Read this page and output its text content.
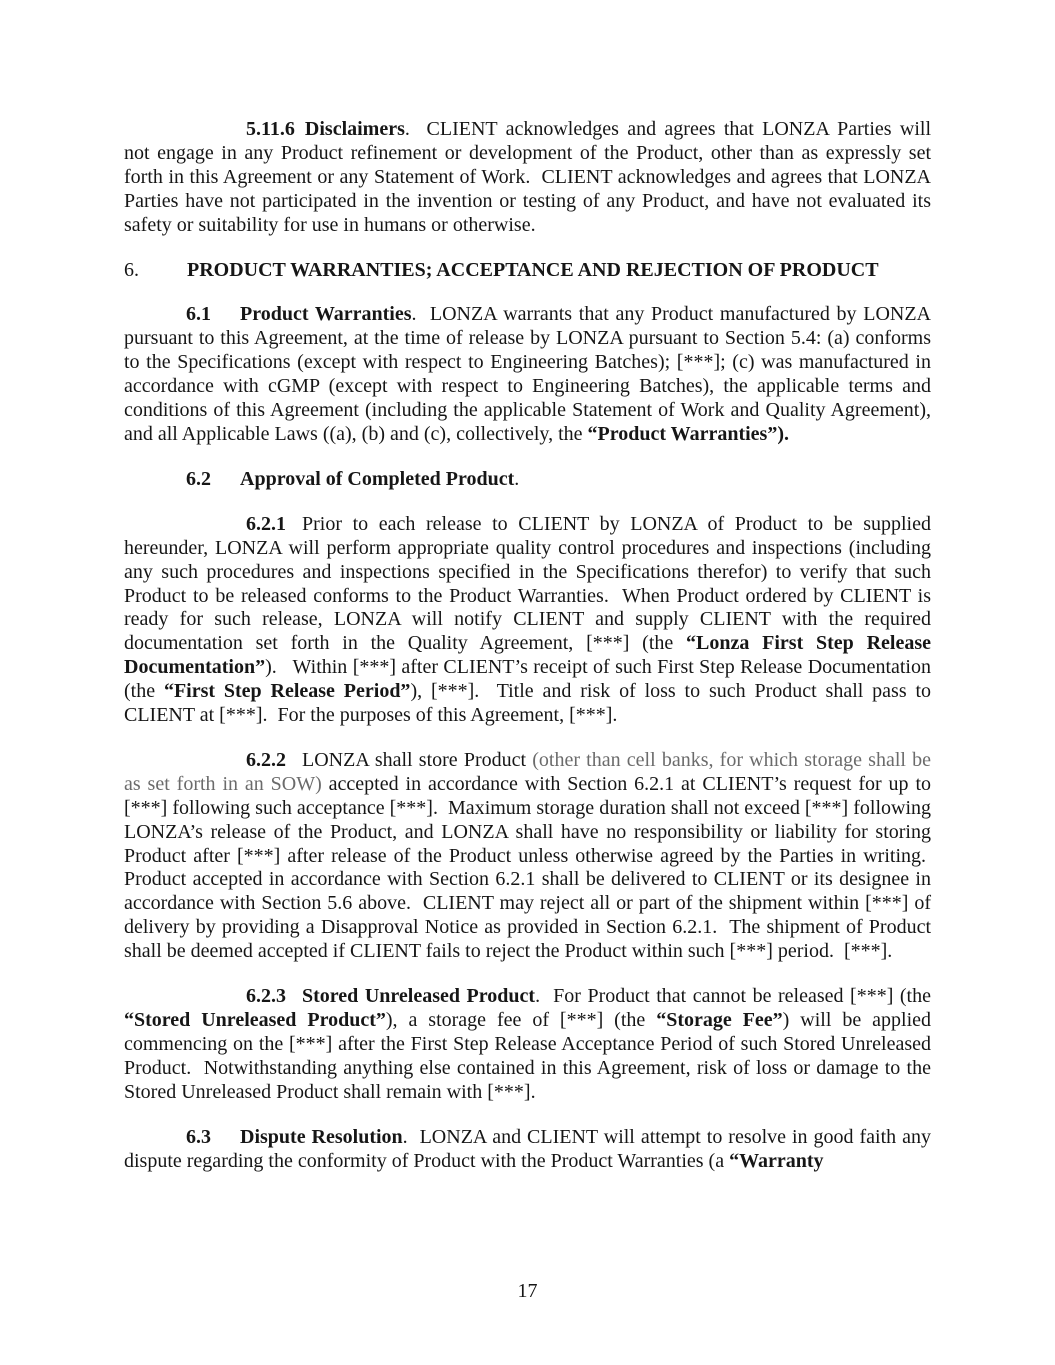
5.11.6 Disclaimers.  CLIENT acknowledges and agrees that LONZA Parties will not engage in any Product refinement or development of the Product, other than as expressly set forth in this Agreement or any Statement of Work.  CLIENT acknowledges and agrees that LONZA Parties have not participated in the invention or testing of any Product, and have not evaluated its safety or suitability for use in humans or otherwise.

6. PRODUCT WARRANTIES; ACCEPTANCE AND REJECTION OF PRODUCT

6.1 Product Warranties.  LONZA warrants that any Product manufactured by LONZA pursuant to this Agreement, at the time of release by LONZA pursuant to Section 5.4: (a) conforms to the Specifications (except with respect to Engineering Batches); [***]; (c) was manufactured in accordance with cGMP (except with respect to Engineering Batches), the applicable terms and conditions of this Agreement (including the applicable Statement of Work and Quality Agreement), and all Applicable Laws ((a), (b) and (c), collectively, the “Product Warranties”).

6.2 Approval of Completed Product.

6.2.1 Prior to each release to CLIENT by LONZA of Product to be supplied hereunder, LONZA will perform appropriate quality control procedures and inspections (including any such procedures and inspections specified in the Specifications therefor) to verify that such Product to be released conforms to the Product Warranties.  When Product ordered by CLIENT is ready for such release, LONZA will notify CLIENT and supply CLIENT with the required documentation set forth in the Quality Agreement, [***] (the “Lonza First Step Release Documentation”).   Within [***] after CLIENT’s receipt of such First Step Release Documentation (the “First Step Release Period”), [***].  Title and risk of loss to such Product shall pass to CLIENT at [***].  For the purposes of this Agreement, [***].

6.2.2 LONZA shall store Product (other than cell banks, for which storage shall be as set forth in an SOW) accepted in accordance with Section 6.2.1 at CLIENT’s request for up to [***] following such acceptance [***].  Maximum storage duration shall not exceed [***] following LONZA’s release of the Product, and LONZA shall have no responsibility or liability for storing Product after [***] after release of the Product unless otherwise agreed by the Parties in writing.  Product accepted in accordance with Section 6.2.1 shall be delivered to CLIENT or its designee in accordance with Section 5.6 above.  CLIENT may reject all or part of the shipment within [***] of delivery by providing a Disapproval Notice as provided in Section 6.2.1.  The shipment of Product shall be deemed accepted if CLIENT fails to reject the Product within such [***] period.  [***].

6.2.3 Stored Unreleased Product.  For Product that cannot be released [***] (the “Stored Unreleased Product”), a storage fee of [***] (the “Storage Fee”) will be applied commencing on the [***] after the First Step Release Acceptance Period of such Stored Unreleased Product.  Notwithstanding anything else contained in this Agreement, risk of loss or damage to the Stored Unreleased Product shall remain with [***].

6.3 Dispute Resolution.  LONZA and CLIENT will attempt to resolve in good faith any dispute regarding the conformity of Product with the Product Warranties (a “Warranty

17
